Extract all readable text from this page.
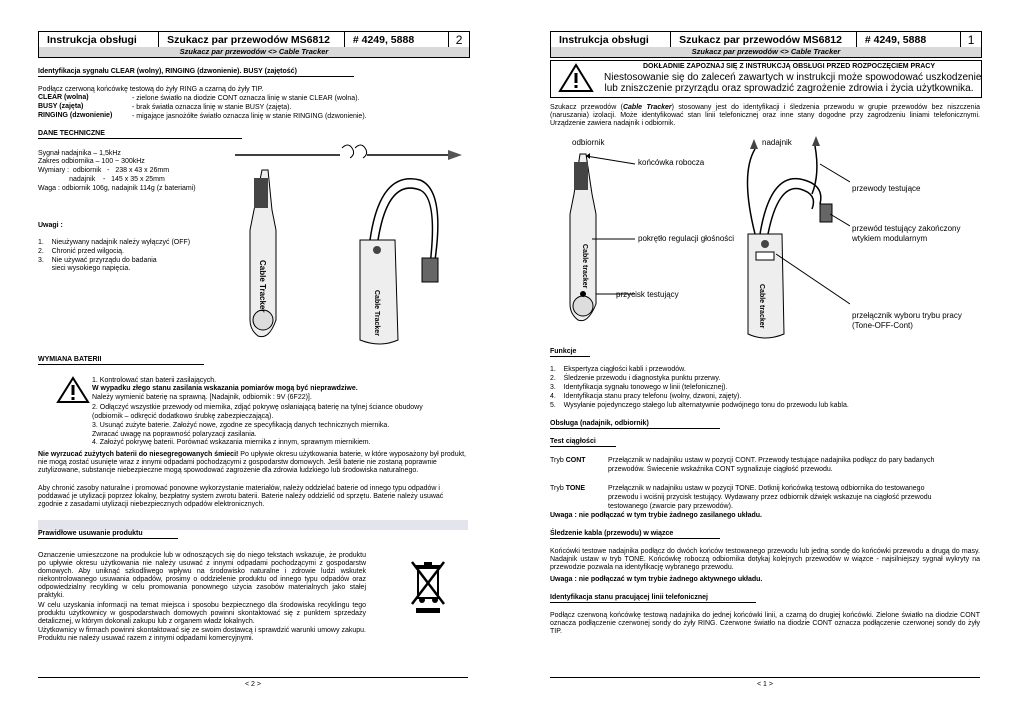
Instrukcja obsługi	Szukacz par przewodów MS6812	# 4249, 5888	2
Szukacz par przewodów <> Cable Tracker
Identyfikacja sygnału CLEAR (wolny), RINGING (dzwonienie). BUSY (zajętość)
Podłącz czerwoną końcówkę testową do żyły RING a czarną do żyły TIP.
CLEAR (wolna)	- zielone światło na diodzie CONT oznacza linię w stanie CLEAR (wolna).
BUSY (zajęta)	- brak światła oznacza linię w stanie BUSY (zajęta).
RINGING (dzwonienie)	- migające jasnożółte światło oznacza linię w stanie RINGING (dzwonienie).
DANE TECHNICZNE
Sygnał nadajnika – 1,5kHz
Zakres odbiornika – 100 ~ 300kHz
Wymiary :  odbiornik   -   238 x 43 x 26mm
nadajnik    -   145 x 35 x 25mm
Waga : odbiornik 106g, nadajnik 114g (z bateriami)
Uwagi :
1.    Nieużywany nadajnik należy wyłączyć (OFF)
2.    Chronić przed wilgocią.
3.    Nie używać przyrządu do badania
sieci wysokiego napięcia.	Cable Tracker
Cable Tracker
WYMIANA BATERII
1. Kontrolować stan baterii zasilających.
W wypadku złego stanu zasilania wskazania pomiarów mogą być nieprawdziwe.
Należy wymienić baterię na sprawną. [Nadajnik, odbiornik : 9V (6F22)].
2. Odłączyć wszystkie przewody od miernika, zdjąć pokrywę osłaniającą baterię na tylnej ściance obudowy
(odbiornik – odkręcić dodatkowo śrubkę zabezpieczającą).
3. Usunąć zużyte baterie. Założyć nowe, zgodne ze specyfikacją danych technicznych miernika.
Zwracać uwagę na poprawność polaryzacji zasilania.
4. Założyć pokrywę baterii. Porównać wskazania miernika z innym, sprawnym miernikiem.
Nie wyrzucać zużytych baterii do niesegregowanych śmieci! Po upływie okresu użytkowania baterie, w które wyposażony był produkt, nie mogą zostać usunięte wraz z innymi odpadami pochodzącymi z gospodarstw domowych. Jeśli baterie nie zostaną poprawnie zutylizowane, substancje niebezpieczne mogą spowodować zagrożenie dla zdrowia ludzkiego lub środowiska naturalnego.
Aby chronić zasoby naturalne i promować ponowne wykorzystanie materiałów, należy oddzielać baterie od innego typu odpadów i poddawać je utylizacji poprzez lokalny, bezpłatny system zwrotu baterii. Baterie należy oddzielić od sprzętu. Baterie należy usuwać zgodnie z zasadami utylizacji niebezpiecznych odpadów elektronicznych.
Prawidłowe usuwanie produktu
Oznaczenie umieszczone na produkcie lub w odnoszących się do niego tekstach wskazuje, że produktu po upływie okresu użytkowania nie należy usuwać z innymi odpadami pochodzącymi z gospodarstw domowych. Aby uniknąć szkodliwego wpływu na środowisko naturalne i zdrowie ludzi wskutek niekontrolowanego usuwania odpadów, prosimy o oddzielenie produktu od innego typu odpadów oraz odpowiedzialny recykling w celu promowania ponownego użycia zasobów materialnych jako stałej praktyki.
W celu uzyskania informacji na temat miejsca i sposobu bezpiecznego dla środowiska recyklingu tego produktu użytkownicy w gospodarstwach domowych powinni skontaktować się z punktem sprzedaży detalicznej, w którym dokonali zakupu lub z organem władz lokalnych.
Użytkownicy w firmach powinni skontaktować się ze swoim dostawcą i sprawdzić warunki umowy zakupu. Produktu nie należy usuwać razem z innymi odpadami komercyjnymi.
< 2 >
Instrukcja obsługi	Szukacz par przewodów MS6812	# 4249, 5888	1
Szukacz par przewodów <> Cable Tracker
DOKŁADNIE ZAPOZNAJ SIĘ Z INSTRUKCJĄ OBSŁUGI PRZED ROZPOCZĘCIEM PRACY
Niestosowanie się do zaleceń zawartych w instrukcji może spowodować uszkodzenie
lub zniszczenie przyrządu oraz sprowadzić zagrożenie zdrowia i życia użytkownika.
Szukacz przewodów (Cable Tracker) stosowany jest do identyfikacji i śledzenia przewodu w grupie przewodów bez niszczenia (naruszania) izolacji. Może identyfikować stan linii telefonicznej oraz inne stany dogodne przy zagrodzeniu liniami telefonicznymi. Urządzenie zawiera nadajnik i odbiornik.
Cable tracker
Cable tracker
odbiornik	nadajnik
końcówka robocza
pokrętło regulacji głośności
przycisk testujący
przewody testujące
przewód testujący zakończony
wtykiem modularnym
przełącznik wyboru trybu pracy
(Tone-OFF-Cont)
Funkcje
1.    Ekspertyza ciągłości kabli i przewodów.
2.    Śledzenie przewodu i diagnostyka punktu przerwy.
3.    Identyfikacja sygnału tonowego w linii (telefonicznej).
4.    Identyfikacja stanu pracy telefonu (wolny, dzwoni, zajęty).
5.    Wysyłanie pojedynczego stałego lub alternatywnie podwójnego tonu do przewodu lub kabla.
Obsługa (nadajnik, odbiornik)
Test ciągłości
Tryb CONT	Przełącznik w nadajniku ustaw w pozycji CONT. Przewody testujące nadajnika podłącz do pary badanych
przewodów. Świecenie wskaźnika CONT sygnalizuje ciągłość przewodu.
Tryb TONE	Przełącznik w nadajniku ustaw w pozycji TONE. Dotknij końcówką testową odbiornika do testowanego
przewodu i wciśnij przycisk testujący. Wydawany przez odbiornik dźwięk wskazuje na ciągłość przewodu
testowanego (zwarcie pary przewodów).
Uwaga : nie podłączać w tym trybie żadnego zasilanego układu.
Śledzenie kabla (przewodu) w wiązce
Końcówki testowe nadajnika podłącz do dwóch końców testowanego przewodu lub jedną sondę do końcówki przewodu a drugą do masy. Nadajnik ustaw w tryb TONE. Końcówkę roboczą odbiornika dotykaj kolejnych przewodów w wiązce - najsilniejszy sygnał wykryty na przewodzie pozwala na identyfikację wybranego przewodu.
Uwaga : nie podłączać w tym trybie żadnego aktywnego układu.
Identyfikacja stanu pracującej linii telefonicznej
Podłącz czerwoną końcówkę testową nadajnika do jednej końcówki linii, a czarną do drugiej końcówki. Zielone światło na diodzie CONT oznacza podłączenie czerwonej sondy do żyły RING. Czerwone światło na diodzie CONT oznacza podłączenie czerwonej sondy do żyły TIP.
< 1 >
